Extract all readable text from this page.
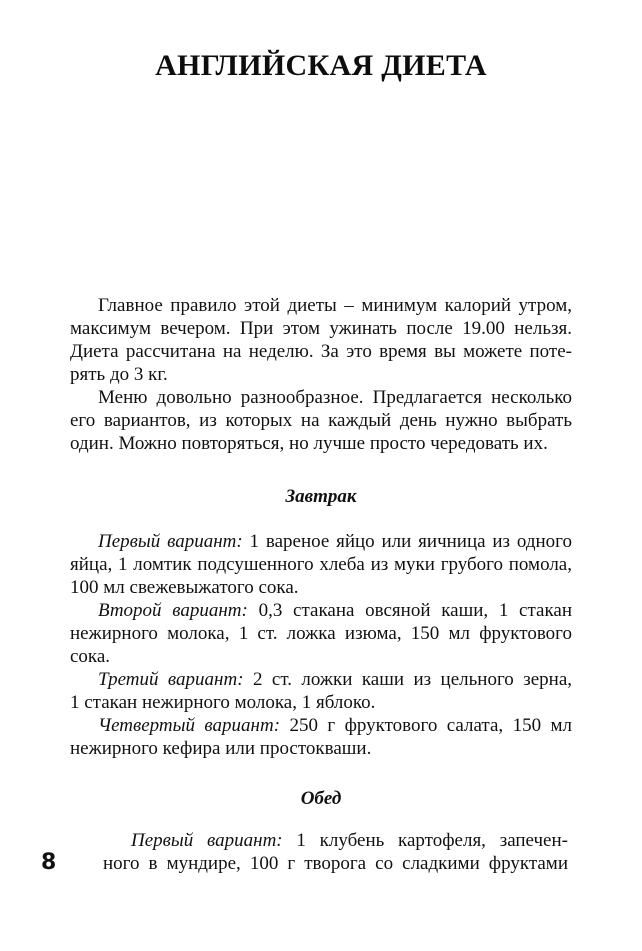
АНГЛИЙСКАЯ ДИЕТА
Главное правило этой диеты – минимум калорий утром,
максимум вечером. При этом ужинать после 19.00 нельзя.
Диета рассчитана на неделю. За это время вы можете поте-
рять до 3 кг.
Меню довольно разнообразное. Предлагается несколько
его вариантов, из которых на каждый день нужно выбрать
один. Можно повторяться, но лучше просто чередовать их.
Завтрак
Первый вариант: 1 вареное яйцо или яичница из одного
яйца, 1 ломтик подсушенного хлеба из муки грубого помола,
100 мл свежевыжатого сока.
Второй вариант: 0,3 стакана овсяной каши, 1 стакан
нежирного молока, 1 ст. ложка изюма, 150 мл фруктового
сока.
Третий вариант: 2 ст. ложки каши из цельного зерна,
1 стакан нежирного молока, 1 яблоко.
Четвертый вариант: 250 г фруктового салата, 150 мл
нежирного кефира или простокваши.
Обед
Первый вариант: 1 клубень картофеля, запечен-
ного в мундире, 100 г творога со сладкими фруктами
8
